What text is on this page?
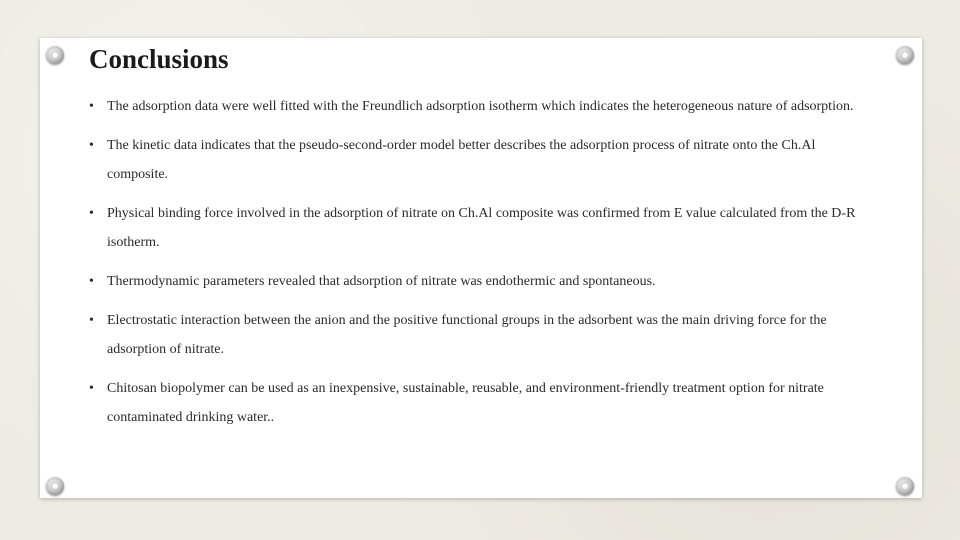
Conclusions
• The adsorption data were well fitted with the Freundlich adsorption isotherm which indicates the heterogeneous nature of adsorption.
• The kinetic data indicates that the pseudo-second-order model better describes the adsorption process of nitrate onto the Ch.Al composite.
• Physical binding force involved in the adsorption of nitrate on Ch.Al composite was confirmed from E value calculated from the D-R isotherm.
• Thermodynamic parameters revealed that adsorption of nitrate was endothermic and spontaneous.
• Electrostatic interaction between the anion and the positive functional groups in the adsorbent was the main driving force for the adsorption of nitrate.
• Chitosan biopolymer can be used as an inexpensive, sustainable, reusable, and environment-friendly treatment option for nitrate contaminated drinking water..
